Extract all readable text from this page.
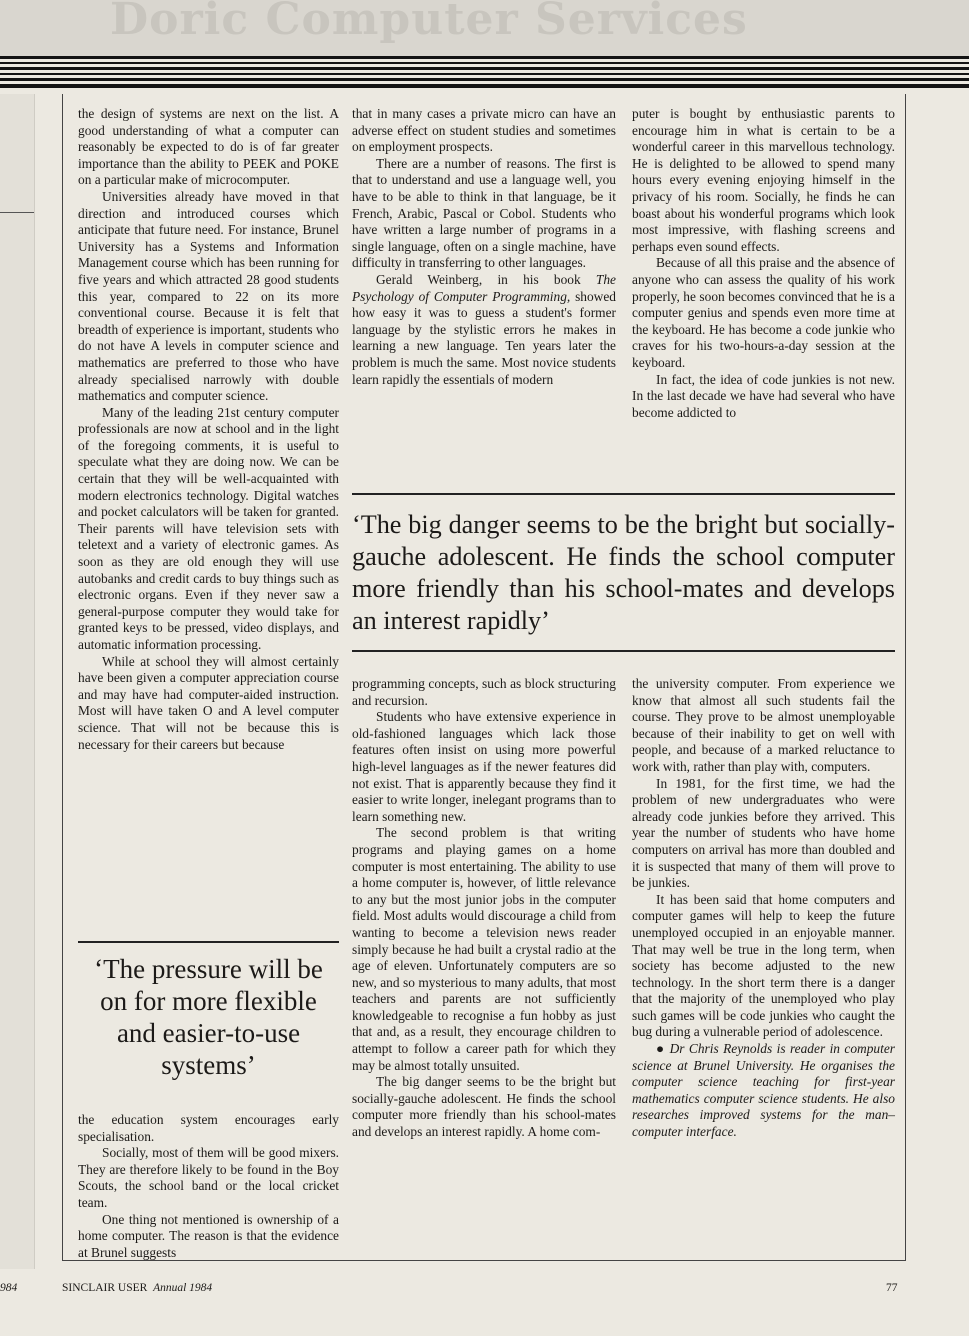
Doric Computer Services

the design of systems are next on the list. A good understanding of what a computer can reasonably be expected to do is of far greater importance than the ability to PEEK and POKE on a particular make of microcomputer.

Universities already have moved in that direction and introduced courses which anticipate that future need. For instance, Brunel University has a Systems and Information Management course which has been running for five years and which attracted 28 good students this year, compared to 22 on its more conventional course. Because it is felt that breadth of experience is important, students who do not have A levels in computer science and mathematics are preferred to those who have already specialised narrowly with double mathematics and computer science.

Many of the leading 21st century computer professionals are now at school and in the light of the foregoing comments, it is useful to speculate what they are doing now. We can be certain that they will be well-acquainted with modern electronics technology. Digital watches and pocket calculators will be taken for granted. Their parents will have television sets with teletext and a variety of electronic games. As soon as they are old enough they will use autobanks and credit cards to buy things such as electronic organs. Even if they never saw a general-purpose computer they would take for granted keys to be pressed, video displays, and automatic information processing.

While at school they will almost certainly have been given a computer appreciation course and may have had computer-aided instruction. Most will have taken O and A level computer science. That will not be because this is necessary for their careers but because

‘The pressure will be on for more flexible and easier-to-use systems’

the education system encourages early specialisation.

Socially, most of them will be good mixers. They are therefore likely to be found in the Boy Scouts, the school band or the local cricket team.

One thing not mentioned is ownership of a home computer. The reason is that the evidence at Brunel suggests

that in many cases a private micro can have an adverse effect on student studies and sometimes on employment prospects.

There are a number of reasons. The first is that to understand and use a language well, you have to be able to think in that language, be it French, Arabic, Pascal or Cobol. Students who have written a large number of programs in a single language, often on a single machine, have difficulty in transferring to other languages.

Gerald Weinberg, in his book The Psychology of Computer Programming, showed how easy it was to guess a student's former language by the stylistic errors he makes in learning a new language. Ten years later the problem is much the same. Most novice students learn rapidly the essentials of modern

puter is bought by enthusiastic parents to encourage him in what is certain to be a wonderful career in this marvellous technology. He is delighted to be allowed to spend many hours every evening enjoying himself in the privacy of his room. Socially, he finds he can boast about his wonderful programs which look most impressive, with flashing screens and perhaps even sound effects.

Because of all this praise and the absence of anyone who can assess the quality of his work properly, he soon becomes convinced that he is a computer genius and spends even more time at the keyboard. He has become a code junkie who craves for his two-hours-a-day session at the keyboard.

In fact, the idea of code junkies is not new. In the last decade we have had several who have become addicted to

‘The big danger seems to be the bright but socially-gauche adolescent. He finds the school computer more friendly than his school-mates and develops an interest rapidly’

programming concepts, such as block structuring and recursion.

Students who have extensive experience in old-fashioned languages which lack those features often insist on using more powerful high-level languages as if the newer features did not exist. That is apparently because they find it easier to write longer, inelegant programs than to learn something new.

The second problem is that writing programs and playing games on a home computer is most entertaining. The ability to use a home computer is, however, of little relevance to any but the most junior jobs in the computer field. Most adults would discourage a child from wanting to become a television news reader simply because he had built a crystal radio at the age of eleven. Unfortunately computers are so new, and so mysterious to many adults, that most teachers and parents are not sufficiently knowledgeable to recognise a fun hobby as just that and, as a result, they encourage children to attempt to follow a career path for which they may be almost totally unsuited.

The big danger seems to be the bright but socially-gauche adolescent. He finds the school computer more friendly than his school-mates and develops an interest rapidly. A home com-

the university computer. From experience we know that almost all such students fail the course. They prove to be almost unemployable because of their inability to get on well with people, and because of a marked reluctance to work with, rather than play with, computers.

In 1981, for the first time, we had the problem of new undergraduates who were already code junkies before they arrived. This year the number of students who have home computers on arrival has more than doubled and it is suspected that many of them will prove to be junkies.

It has been said that home computers and computer games will help to keep the future unemployed occupied in an enjoyable manner. That may well be true in the long term, when society has become adjusted to the new technology. In the short term there is a danger that the majority of the unemployed who play such games will be code junkies who caught the bug during a vulnerable period of adolescence.

● Dr Chris Reynolds is reader in computer science at Brunel University. He organises the computer science teaching for first-year mathematics computer science students. He also researches improved systems for the man–computer interface.

984	SINCLAIR USER Annual 1984	77
